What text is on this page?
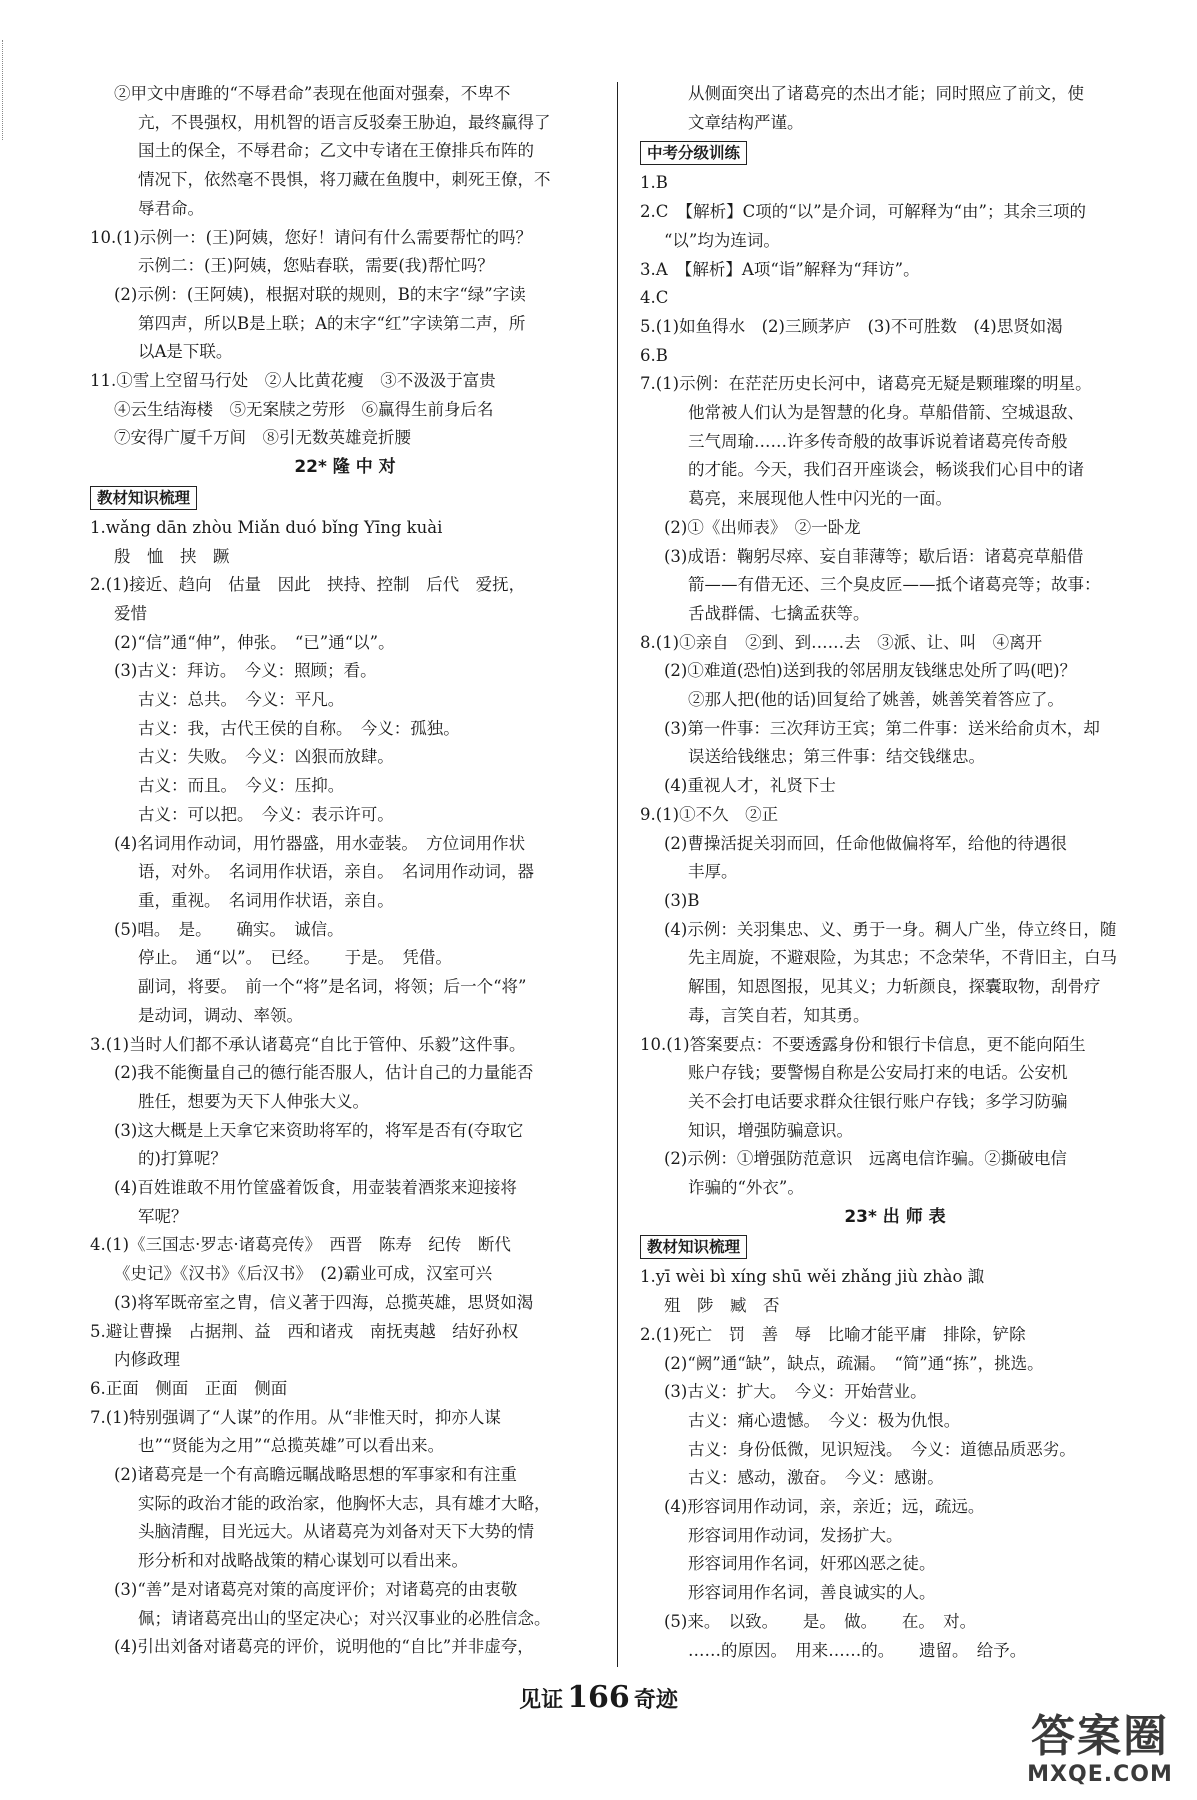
②甲文中唐雎的“不辱君命”表现在他面对强秦，不卑不
亢，不畏强权，用机智的语言反驳秦王胁迫，最终赢得了
国土的保全，不辱君命；乙文中专诸在王僚排兵布阵的
情况下，依然毫不畏惧，将刀藏在鱼腹中，刺死王僚，不
辱君命。
10.(1)示例一：(王)阿姨，您好！请问有什么需要帮忙的吗？
示例二：(王)阿姨，您贴春联，需要(我)帮忙吗？
(2)示例：(王阿姨)，根据对联的规则，B的末字“绿”字读
第四声，所以B是上联；A的末字“红”字读第二声，所
以A是下联。
11.①雪上空留马行处　②人比黄花瘦　③不汲汲于富贵
④云生结海楼　⑤无案牍之劳形　⑥赢得生前身后名
⑦安得广厦千万间　⑧引无数英雄竞折腰
22* 隆 中 对
教材知识梳理
1.wǎng dān zhòu Miǎn duó bǐng Yīng kuài
殷　恤　挟　蹶
2.(1)接近、趋向　估量　因此　挟持、控制　后代　爱抚，
爱惜
(2)“信”通“伸”，伸张。　“已”通“以”。
(3)古义：拜访。　今义：照顾；看。
古义：总共。　今义：平凡。
古义：我，古代王侯的自称。　今义：孤独。
古义：失败。　今义：凶狠而放肆。
古义：而且。　今义：压抑。
古义：可以把。　今义：表示许可。
(4)名词用作动词，用竹器盛，用水壶装。　方位词用作状
语，对外。　名词用作状语，亲自。　名词用作动词，器
重，重视。　名词用作状语，亲自。
(5)唱。　是。　　确实。　诚信。
停止。　通“以”。　已经。　　于是。　凭借。
副词，将要。　前一个“将”是名词，将领；后一个“将”
是动词，调动、率领。
3.(1)当时人们都不承认诸葛亮“自比于管仲、乐毅”这件事。
(2)我不能衡量自己的德行能否服人，估计自己的力量能否
胜任，想要为天下人伸张大义。
(3)这大概是上天拿它来资助将军的，将军是否有(夺取它
的)打算呢？
(4)百姓谁敢不用竹筐盛着饭食，用壶装着酒浆来迎接将
军呢？
4.(1)《三国志·罗志·诸葛亮传》　西晋　陈寿　纪传　断代
《史记》《汉书》《后汉书》　(2)霸业可成，汉室可兴
(3)将军既帝室之胄，信义著于四海，总揽英雄，思贤如渴
5.避让曹操　占据荆、益　西和诸戎　南抚夷越　结好孙权
内修政理
6.正面　侧面　正面　侧面
7.(1)特别强调了“人谋”的作用。从“非惟天时，抑亦人谋
也”“贤能为之用”“总揽英雄”可以看出来。
(2)诸葛亮是一个有高瞻远瞩战略思想的军事家和有注重
实际的政治才能的政治家，他胸怀大志，具有雄才大略，
头脑清醒，目光远大。从诸葛亮为刘备对天下大势的情
形分析和对战略战策的精心谋划可以看出来。
(3)“善”是对诸葛亮对策的高度评价；对诸葛亮的由衷敬
佩；请诸葛亮出山的坚定决心；对兴汉事业的必胜信念。
(4)引出刘备对诸葛亮的评价，说明他的“自比”并非虚夸，
从侧面突出了诸葛亮的杰出才能；同时照应了前文，使
文章结构严谨。
中考分级训练
1.B
2.C　【解析】C项的“以”是介词，可解释为“由”；其余三项的
“以”均为连词。
3.A　【解析】A项“诣”解释为“拜访”。
4.C
5.(1)如鱼得水　(2)三顾茅庐　(3)不可胜数　(4)思贤如渴
6.B
7.(1)示例：在茫茫历史长河中，诸葛亮无疑是颗璀璨的明星。
他常被人们认为是智慧的化身。草船借箭、空城退敌、
三气周瑜……许多传奇般的故事诉说着诸葛亮传奇般
的才能。今天，我们召开座谈会，畅谈我们心目中的诸
葛亮，来展现他人性中闪光的一面。
(2)①《出师表》　②一卧龙
(3)成语：鞠躬尽瘁、妄自菲薄等；歇后语：诸葛亮草船借
箭——有借无还、三个臭皮匠——抵个诸葛亮等；故事：
舌战群儒、七擒孟获等。
8.(1)①亲自　②到、到……去　③派、让、叫　④离开
(2)①难道(恐怕)送到我的邻居朋友钱继忠处所了吗(吧)？
②那人把(他的话)回复给了姚善，姚善笑着答应了。
(3)第一件事：三次拜访王宾；第二件事：送米给俞贞木，却
误送给钱继忠；第三件事：结交钱继忠。
(4)重视人才，礼贤下士
9.(1)①不久　②正
(2)曹操活捉关羽而回，任命他做偏将军，给他的待遇很
丰厚。
(3)B
(4)示例：关羽集忠、义、勇于一身。稠人广坐，侍立终日，随
先主周旋，不避艰险，为其忠；不念荣华，不背旧主，白马
解围，知恩图报，见其义；力斩颜良，探囊取物，刮骨疗
毒，言笑自若，知其勇。
10.(1)答案要点：不要透露身份和银行卡信息，更不能向陌生
账户存钱；要警惕自称是公安局打来的电话。公安机
关不会打电话要求群众往银行账户存钱；多学习防骗
知识，增强防骗意识。
(2)示例：①增强防范意识　远离电信诈骗。②撕破电信
诈骗的“外衣”。
23* 出 师 表
教材知识梳理
1.yī wèi bì xíng shū wěi zhǎng jiù zhào 諏
殂　陟　臧　否
2.(1)死亡　罚　善　辱　比喻才能平庸　排除，铲除
(2)“阙”通“缺”，缺点，疏漏。　“简”通“拣”，挑选。
(3)古义：扩大。　今义：开始营业。
古义：痛心遗憾。　今义：极为仇恨。
古义：身份低微，见识短浅。　今义：道德品质恶劣。
古义：感动，激奋。　今义：感谢。
(4)形容词用作动词，亲，亲近；远，疏远。
形容词用作动词，发扬扩大。
形容词用作名词，奸邪凶恶之徒。
形容词用作名词，善良诚实的人。
(5)来。　以致。　　是。　做。　　在。　对。
……的原因。　用来……的。　　遗留。　给予。
见证 166 奇迹
答案圈
MXQE.COM
